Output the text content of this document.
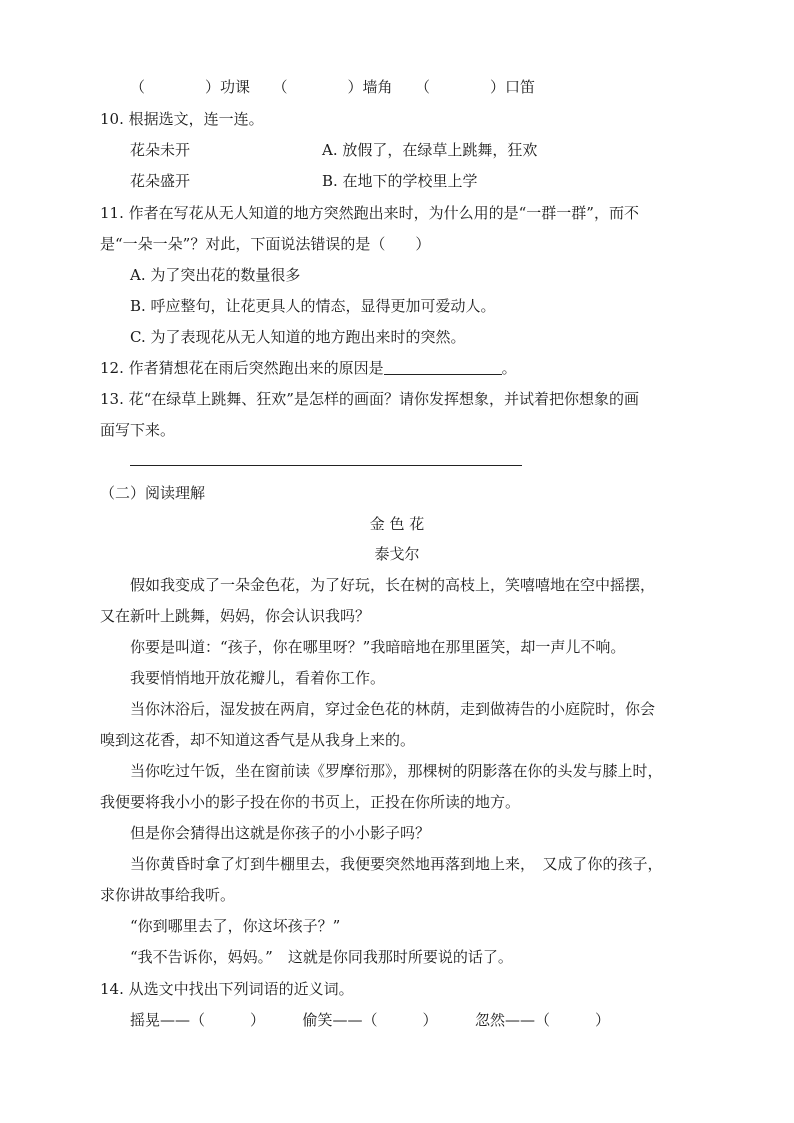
（　　　　）功课　　（　　　　）墙角　　（　　　　）口笛
10. 根据选文，连一连。
花朵未开	A. 放假了，在绿草上跳舞，狂欢
花朵盛开	B. 在地下的学校里上学
11. 作者在写花从无人知道的地方突然跑出来时，为什么用的是“一群一群”，而不
是“一朵一朵”？对此，下面说法错误的是（　　）
A. 为了突出花的数量很多
B. 呼应整句，让花更具人的情态，显得更加可爱动人。
C. 为了表现花从无人知道的地方跑出来时的突然。
12. 作者猜想花在雨后突然跑出来的原因是	。
13. 花“在绿草上跳舞、狂欢”是怎样的画面？请你发挥想象，并试着把你想象的画
面写下来。
（二）阅读理解
金 色 花
泰戈尔
　　假如我变成了一朵金色花，为了好玩，长在树的高枝上，笑嘻嘻地在空中摇摆，
又在新叶上跳舞，妈妈，你会认识我吗？
　　你要是叫道：“孩子，你在哪里呀？”我暗暗地在那里匿笑，却一声儿不响。
　　我要悄悄地开放花瓣儿，看着你工作。
　　当你沐浴后，湿发披在两肩，穿过金色花的林荫，走到做祷告的小庭院时，你会
嗅到这花香，却不知道这香气是从我身上来的。
　　当你吃过午饭，坐在窗前读《罗摩衍那》，那棵树的阴影落在你的头发与膝上时，
我便要将我小小的影子投在你的书页上，正投在你所读的地方。
　　但是你会猜得出这就是你孩子的小小影子吗？
　　当你黄昏时拿了灯到牛棚里去，我便要突然地再落到地上来，　又成了你的孩子，
求你讲故事给我听。
　　“你到哪里去了，你这坏孩子？”
　　“我不告诉你，妈妈。”　这就是你同我那时所要说的话了。
14. 从选文中找出下列词语的近义词。
　　摇晃——（　　　）　　　偷笑——（　　　）　　　忽然——（　　　）
